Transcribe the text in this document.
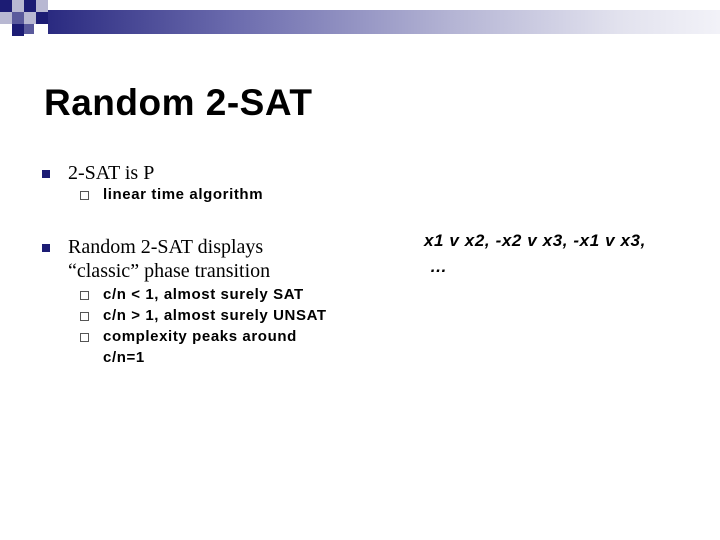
Random 2-SAT
2-SAT is P
linear time algorithm
Random 2-SAT displays “classic” phase transition
c/n < 1, almost surely SAT
c/n > 1, almost surely UNSAT
complexity peaks around c/n=1
x1 v x2, -x2 v x3, -x1 v x3,
…
